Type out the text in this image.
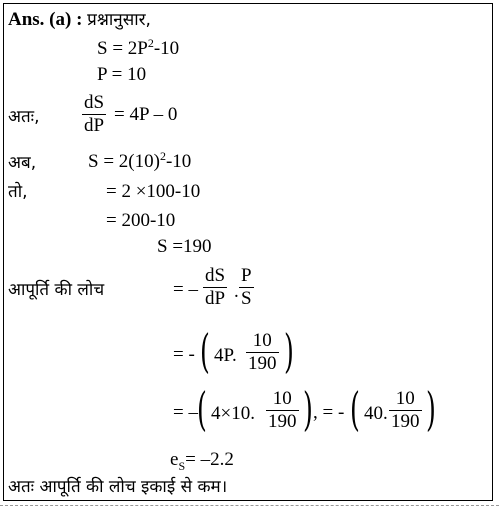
Ans. (a) : प्रश्नानुसार,
$S = 2P^2-10$
P = 10
अतः,
dS
dP
= 4P – 0
अब,	$S = 2(10)^2-10$
तो,	= 2 ×100-10
= 200-10
S =190
आपूर्ति की लोच	= –
dS
dP .
P
S
= - ( 4P.
10
190 )
= – ( 4×10.
10
190 ) , = - ( 40.
10
190 )
$e_S= -2.2$
अतः आपूर्ति की लोच इकाई से कम।
